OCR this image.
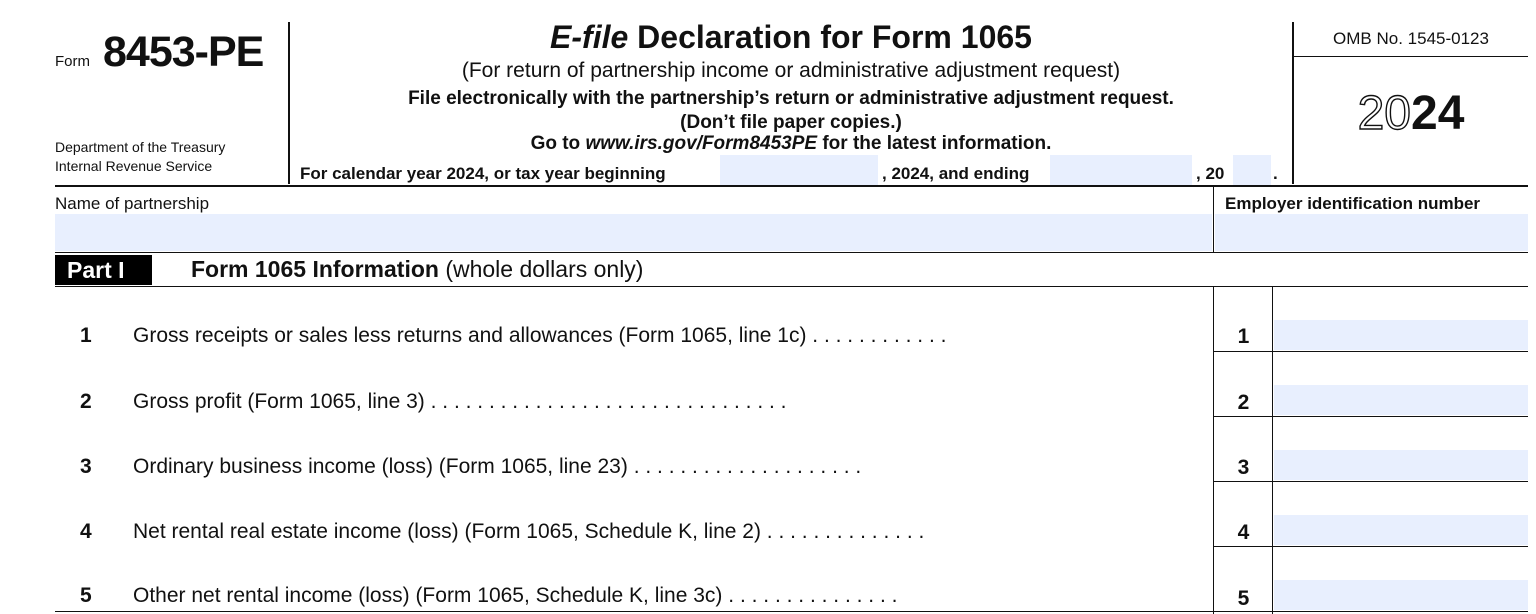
Form 8453-PE
Department of the Treasury
Internal Revenue Service
E-file Declaration for Form 1065
(For return of partnership income or administrative adjustment request)
File electronically with the partnership’s return or administrative adjustment request.
(Don’t file paper copies.)
Go to www.irs.gov/Form8453PE for the latest information.
For calendar year 2024, or tax year beginning	, 2024, and ending	, 20	.
OMB No. 1545-0123
2024
Name of partnership	Employer identification number
Part I	Form 1065 Information (whole dollars only)
1 Gross receipts or sales less returns and allowances (Form 1065, line 1c) . . . . . . . . . . . .	1
2 Gross profit (Form 1065, line 3) . . . . . . . . . . . . . . . . . . . . . . . . . . . . . . .	2
3 Ordinary business income (loss) (Form 1065, line 23) . . . . . . . . . . . . . . . . . . . .	3
4 Net rental real estate income (loss) (Form 1065, Schedule K, line 2) . . . . . . . . . . . . . .	4
5 Other net rental income (loss) (Form 1065, Schedule K, line 3c) . . . . . . . . . . . . . . .	5
